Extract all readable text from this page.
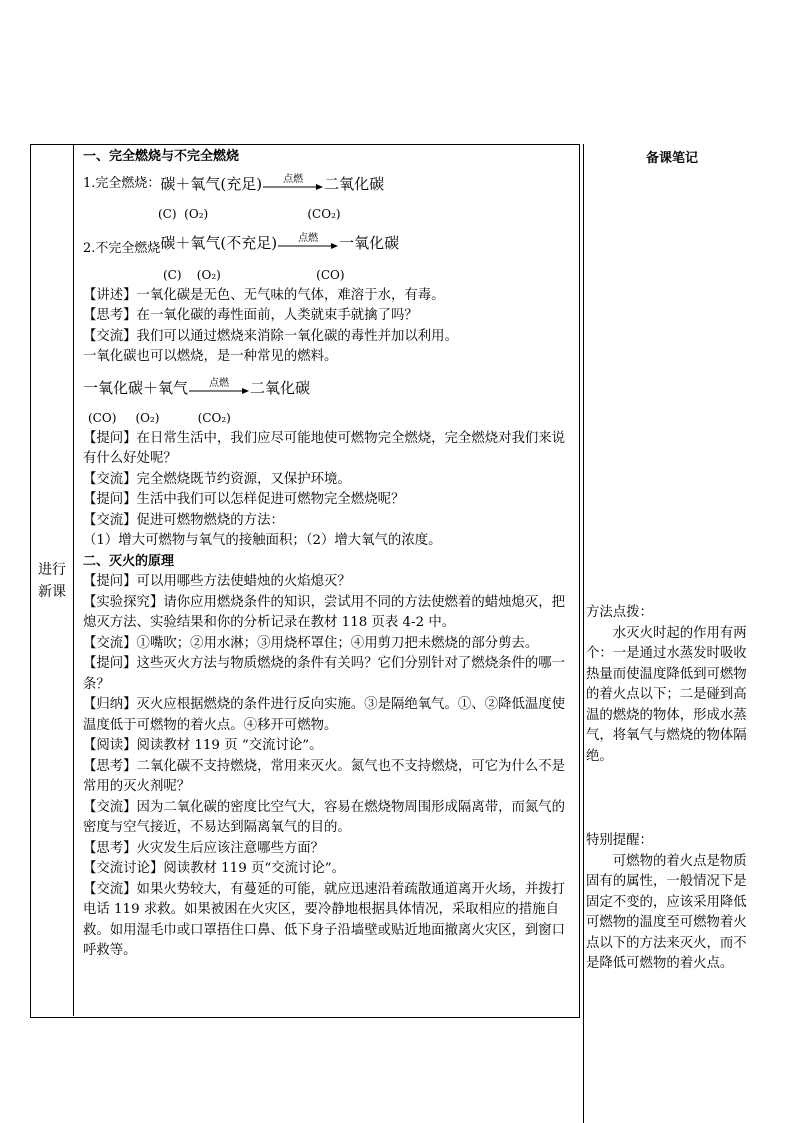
进行新课

一、完全燃烧与不完全燃烧

1.完全燃烧： 碳＋氧气(充足)	点燃	二氧化碳

(C)  (O₂)                          (CO₂)

2.不完全燃烧 碳＋氧气(不充足)	点燃	一氧化碳

(C)    (O₂)                         (CO)

【讲述】一氧化碳是无色、无气味的气体，难溶于水，有毒。

【思考】在一氧化碳的毒性面前，人类就束手就擒了吗？

【交流】我们可以通过燃烧来消除一氧化碳的毒性并加以利用。

一氧化碳也可以燃烧，是一种常见的燃料。

一氧化碳＋氧气	点燃	二氧化碳

(CO)     (O₂)          (CO₂)

【提问】在日常生活中，我们应尽可能地使可燃物完全燃烧，完全燃烧对我们来说有什么好处呢？

【交流】完全燃烧既节约资源，又保护环境。

【提问】生活中我们可以怎样促进可燃物完全燃烧呢？

【交流】促进可燃物燃烧的方法：

（1）增大可燃物与氧气的接触面积；（2）增大氧气的浓度。

二、灭火的原理

【提问】可以用哪些方法使蜡烛的火焰熄灭？

【实验探究】请你应用燃烧条件的知识，尝试用不同的方法使燃着的蜡烛熄灭，把熄灭方法、实验结果和你的分析记录在教材 118 页表 4-2 中。

【交流】①嘴吹；②用水淋；③用烧杯罩住；④用剪刀把未燃烧的部分剪去。

【提问】这些灭火方法与物质燃烧的条件有关吗？它们分别针对了燃烧条件的哪一条？

【归纳】灭火应根据燃烧的条件进行反向实施。③是隔绝氧气。①、②降低温度使温度低于可燃物的着火点。④移开可燃物。

【阅读】阅读教材 119 页 “交流讨论”。

【思考】二氧化碳不支持燃烧，常用来灭火。氮气也不支持燃烧，可它为什么不是常用的灭火剂呢？

【交流】因为二氧化碳的密度比空气大，容易在燃烧物周围形成隔离带，而氮气的密度与空气接近，不易达到隔离氧气的目的。

【思考】火灾发生后应该注意哪些方面？

【交流讨论】阅读教材 119 页“交流讨论”。

【交流】如果火势较大，有蔓延的可能，就应迅速沿着疏散通道离开火场，并拨打电话 119 求救。如果被困在火灾区，要冷静地根据具体情况，采取相应的措施自救。如用湿毛巾或口罩捂住口鼻、低下身子沿墙壁或贴近地面撤离火灾区，到窗口呼救等。

备课笔记

方法点拨：

水灭火时起的作用有两个：一是通过水蒸发时吸收热量而使温度降低到可燃物的着火点以下；二是碰到高温的燃烧的物体，形成水蒸气，将氧气与燃烧的物体隔绝。

特别提醒：

可燃物的着火点是物质固有的属性，一般情况下是固定不变的，应该采用降低可燃物的温度至可燃物着火点以下的方法来灭火，而不是降低可燃物的着火点。
